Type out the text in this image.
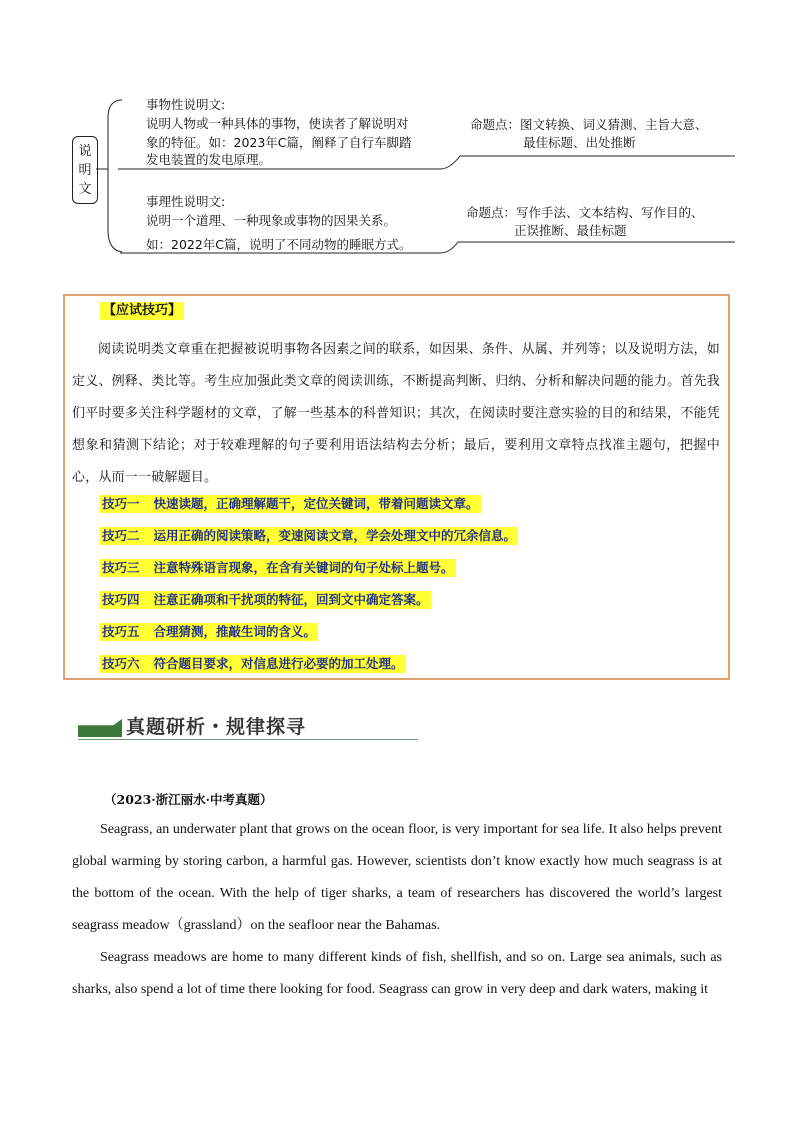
说
明
文
事物性说明文:
说明人物或一种具体的事物，使读者了解说明对
象的特征。如：2023年C篇，阐释了自行车脚踏
发电装置的发电原理。
命题点：图文转换、词义猜测、主旨大意、
最佳标题、出处推断
事理性说明文:
说明一个道理、一种现象或事物的因果关系。
如：2022年C篇，说明了不同动物的睡眠方式。
命题点：写作手法、文本结构、写作目的、
正误推断、最佳标题
【应试技巧】
阅读说明类文章重在把握被说明事物各因素之间的联系，如因果、条件、从属、并列等；以及说明方法，如定义、例释、类比等。考生应加强此类文章的阅读训练，不断提高判断、归纳、分析和解决问题的能力。首先我们平时要多关注科学题材的文章，了解一些基本的科普知识；其次，在阅读时要注意实验的目的和结果，不能凭想象和猜测下结论；对于较难理解的句子要利用语法结构去分析；最后，要利用文章特点找准主题句，把握中心，从而一一破解题目。
技巧一 快速读题，正确理解题干，定位关键词，带着问题读文章。
技巧二 运用正确的阅读策略，变速阅读文章，学会处理文中的冗余信息。
技巧三 注意特殊语言现象，在含有关键词的句子处标上题号。
技巧四 注意正确项和干扰项的特征，回到文中确定答案。
技巧五 合理猜测，推敲生词的含义。
技巧六 符合题目要求，对信息进行必要的加工处理。
真题研析・规律探寻
（2023·浙江丽水·中考真题）

Seagrass, an underwater plant that grows on the ocean floor, is very important for sea life. It also helps prevent global warming by storing carbon, a harmful gas. However, scientists don’t know exactly how much seagrass is at the bottom of the ocean. With the help of tiger sharks, a team of researchers has discovered the world’s largest seagrass meadow（grassland）on the seafloor near the Bahamas.

Seagrass meadows are home to many different kinds of fish, shellfish, and so on. Large sea animals, such as sharks, also spend a lot of time there looking for food. Seagrass can grow in very deep and dark waters, making it
